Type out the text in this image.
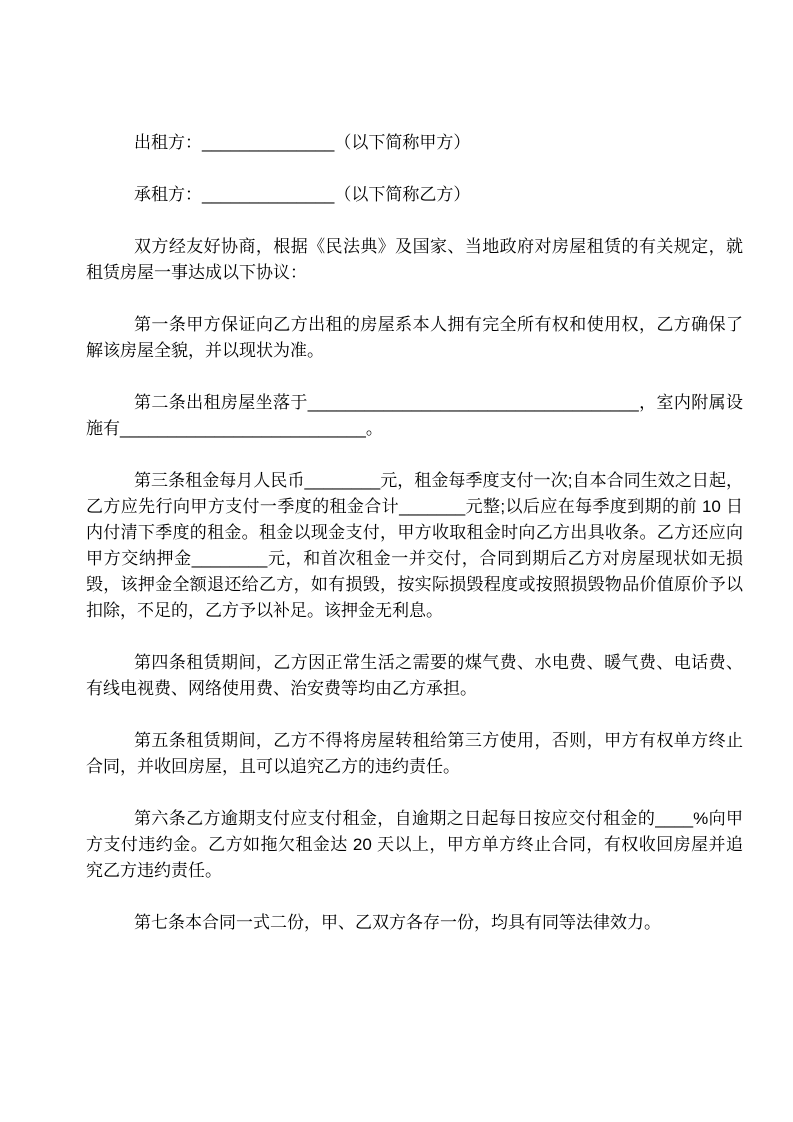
出租方：______________（以下简称甲方）

承租方：______________（以下简称乙方）

双方经友好协商，根据《民法典》及国家、当地政府对房屋租赁的有关规定，就租赁房屋一事达成以下协议：

第一条甲方保证向乙方出租的房屋系本人拥有完全所有权和使用权，乙方确保了解该房屋全貌，并以现状为准。

第二条出租房屋坐落于___________________________________，室内附属设施有__________________________。

第三条租金每月人民币________元，租金每季度支付一次;自本合同生效之日起，乙方应先行向甲方支付一季度的租金合计_______元整;以后应在每季度到期的前 10 日内付清下季度的租金。租金以现金支付，甲方收取租金时向乙方出具收条。乙方还应向甲方交纳押金________元，和首次租金一并交付，合同到期后乙方对房屋现状如无损毁，该押金全额退还给乙方，如有损毁，按实际损毁程度或按照损毁物品价值原价予以扣除，不足的，乙方予以补足。该押金无利息。

第四条租赁期间，乙方因正常生活之需要的煤气费、水电费、暖气费、电话费、有线电视费、网络使用费、治安费等均由乙方承担。

第五条租赁期间，乙方不得将房屋转租给第三方使用，否则，甲方有权单方终止合同，并收回房屋，且可以追究乙方的违约责任。

第六条乙方逾期支付应支付租金，自逾期之日起每日按应交付租金的____%向甲方支付违约金。乙方如拖欠租金达 20 天以上，甲方单方终止合同，有权收回房屋并追究乙方违约责任。

第七条本合同一式二份，甲、乙双方各存一份，均具有同等法律效力。
